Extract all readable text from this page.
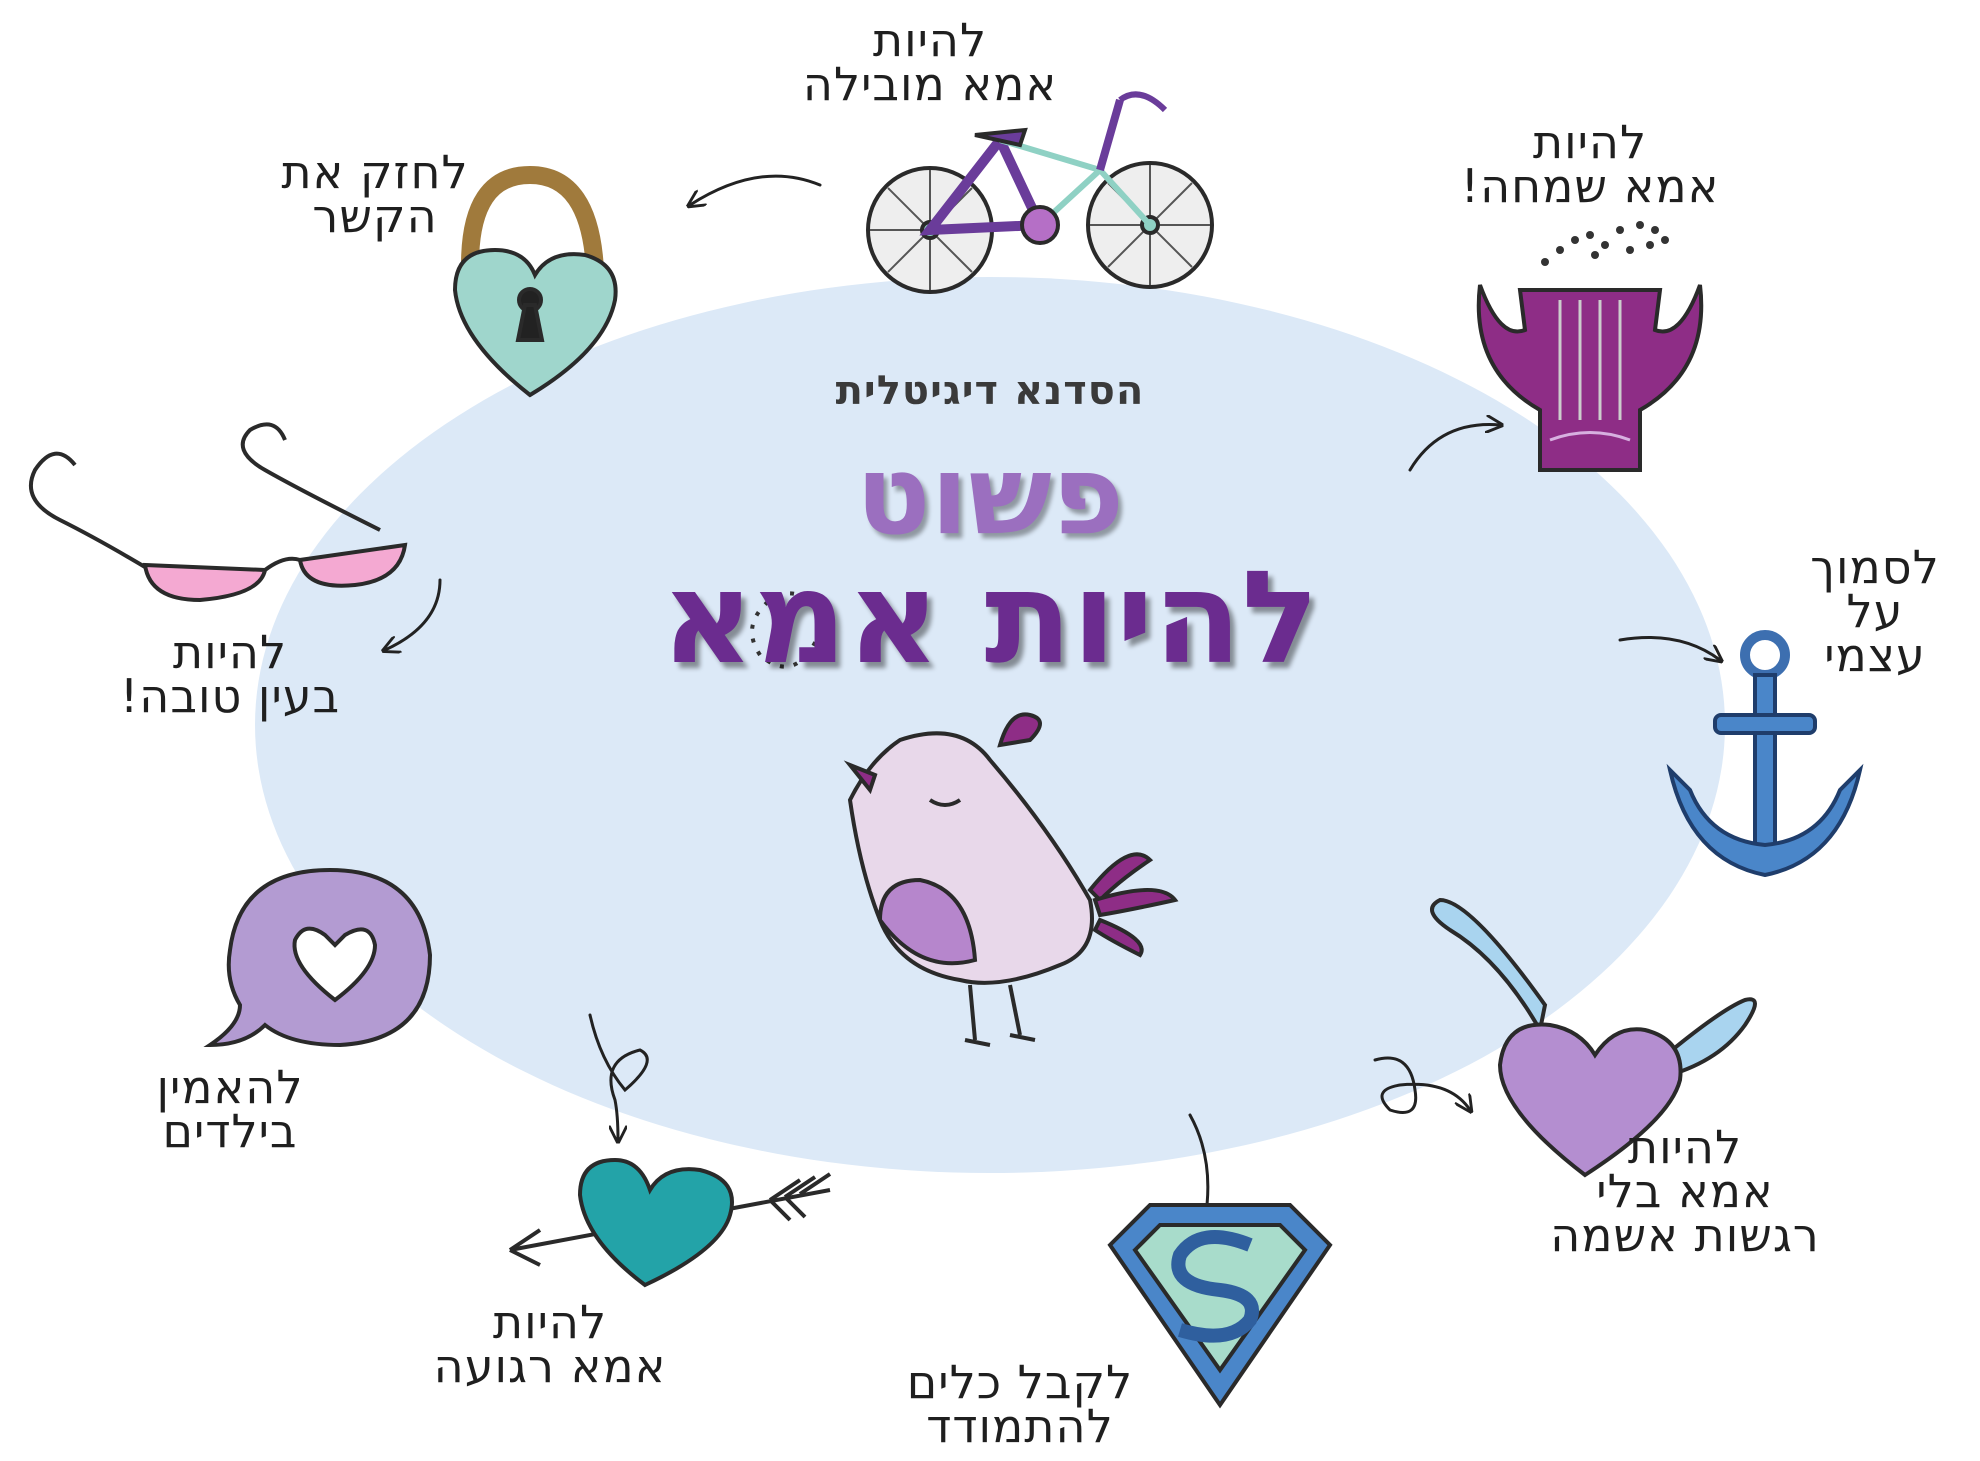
הסדנא דיגיטלית
פשוט
להיות אמא
להיות
אמא מובילה
לחזק את
הקשר
להיות
אמא שמחה!
להיות
בעין טובה!
לסמוך
על
עצמי
להאמין
בילדים	להיות
אמא בלי
רגשות אשמה
להיות
אמא רגועה	לקבל כלים
להתמודד
